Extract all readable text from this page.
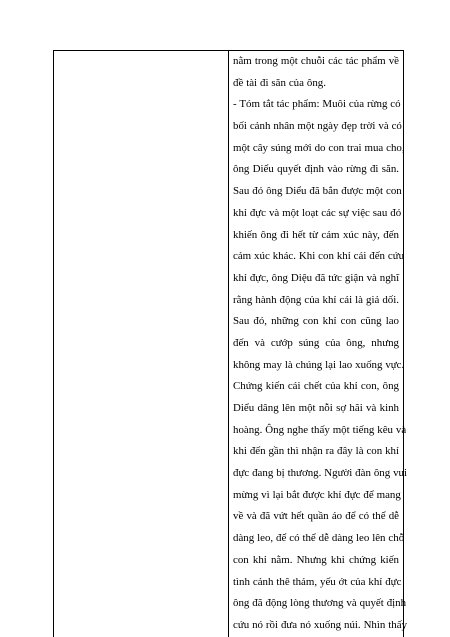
nằm trong một chuỗi các tác phẩm về
đề tài đi săn của ông.
- Tóm tắt tác phẩm: Muôi của rừng có
bối cảnh nhân một ngày đẹp trời và có
một cây súng mới do con trai mua cho,
ông Diểu quyết định vào rừng đi săn.
Sau đó ông Diểu đã bắn được một con
khỉ đực và một loạt các sự việc sau đó
khiến ông đi hết từ cảm xúc này, đến
cảm xúc khác. Khi con khỉ cái đến cứu
khỉ đực, ông Diệu đã tức giận và nghĩ
rằng hành động của khỉ cái là giả dối.
Sau đó, những con khỉ con cũng lao
đến và cướp súng của ông, nhưng
không may là chúng lại lao xuống vực.
Chứng kiến cái chết của khỉ con, ông
Diểu dâng lên một nỗi sợ hãi và kinh
hoàng. Ông nghe thấy một tiếng kêu và
khi đến gần thì nhận ra đây là con khỉ
đực đang bị thương. Người đàn ông vui
mừng vì lại bắt được khỉ đực để mang
về và đã vứt hết quần áo để có thể dễ
dàng leo, để có thể dễ dàng leo lên chỗ
con khỉ nằm. Nhưng khi chứng kiến
tình cảnh thê thảm, yếu ớt của khỉ đực
ông đã động lòng thương và quyết định
cứu nó rồi đưa nó xuống núi. Nhìn thấy
